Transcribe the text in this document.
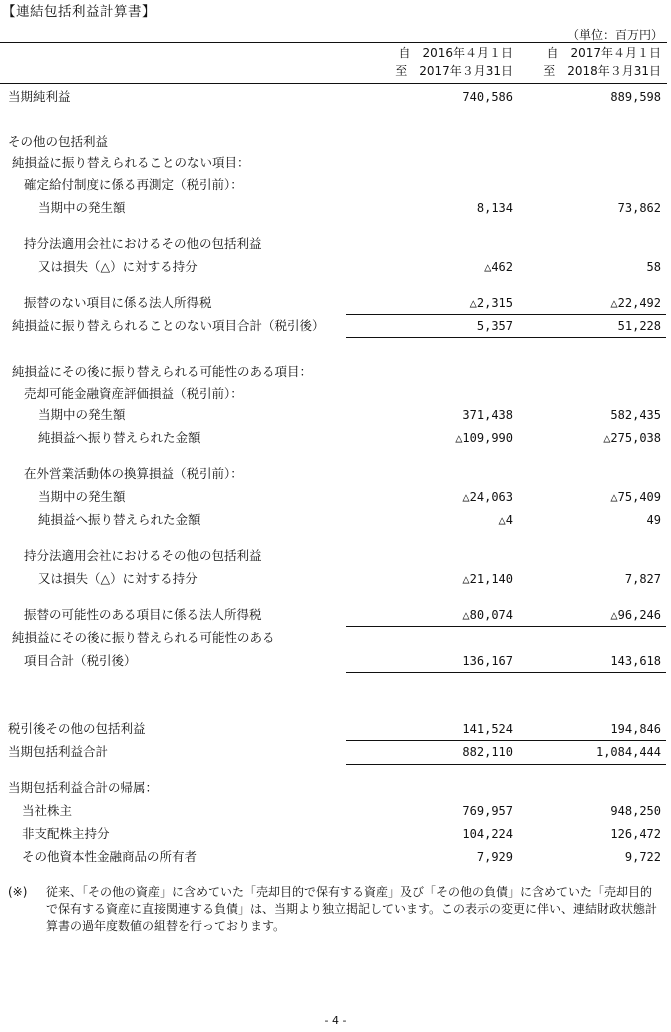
【連結包括利益計算書】
（単位：百万円）
自　2016年４月１日
至　2017年３月31日
自　2017年４月１日
至　2018年３月31日
当期純利益	740,586	889,598
その他の包括利益
純損益に振り替えられることのない項目：
確定給付制度に係る再測定（税引前）：
当期中の発生額	8,134	73,862
持分法適用会社におけるその他の包括利益
又は損失（△）に対する持分	△462	58
振替のない項目に係る法人所得税	△2,315	△22,492
純損益に振り替えられることのない項目合計（税引後）	5,357	51,228
純損益にその後に振り替えられる可能性のある項目：
売却可能金融資産評価損益（税引前）：
当期中の発生額	371,438	582,435
純損益へ振り替えられた金額	△109,990	△275,038
在外営業活動体の換算損益（税引前）：
当期中の発生額	△24,063	△75,409
純損益へ振り替えられた金額	△4	49
持分法適用会社におけるその他の包括利益
又は損失（△）に対する持分	△21,140	7,827
振替の可能性のある項目に係る法人所得税	△80,074	△96,246
純損益にその後に振り替えられる可能性のある
項目合計（税引後）	136,167	143,618
税引後その他の包括利益	141,524	194,846
当期包括利益合計	882,110	1,084,444
当期包括利益合計の帰属：
当社株主	769,957	948,250
非支配株主持分	104,224	126,472
その他資本性金融商品の所有者	7,929	9,722
(※) 従来、「その他の資産」に含めていた「売却目的で保有する資産」及び「その他の負債」に含めていた「売却目的
で保有する資産に直接関連する負債」は、当期より独立掲記しています。この表示の変更に伴い、連結財政状態計
算書の過年度数値の組替を行っております。
- 4 -
